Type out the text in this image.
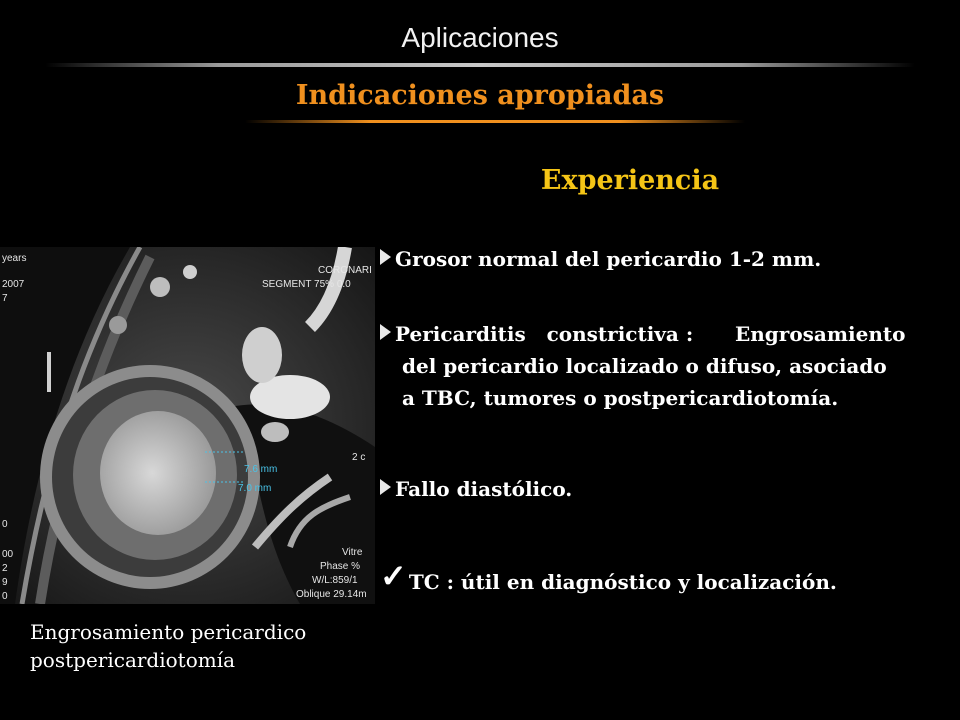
Aplicaciones
Indicaciones apropiadas
Experiencia
years
2007
7
0
00
2
9
0
CORONARI
SEGMENT 75% 0.0
2 c
7.6 mm
7.0 mm
Vitre
Phase %
W/L:859/1
Oblique 29.14m
Engrosamiento pericardico
postpericardiotomía
Grosor normal del pericardio 1-2 mm.
Pericarditis   constrictiva :      Engrosamiento
del pericardio localizado o difuso, asociado
a TBC, tumores o postpericardiotomía.
Fallo diastólico.
✓ TC : útil en diagnóstico y localización.
